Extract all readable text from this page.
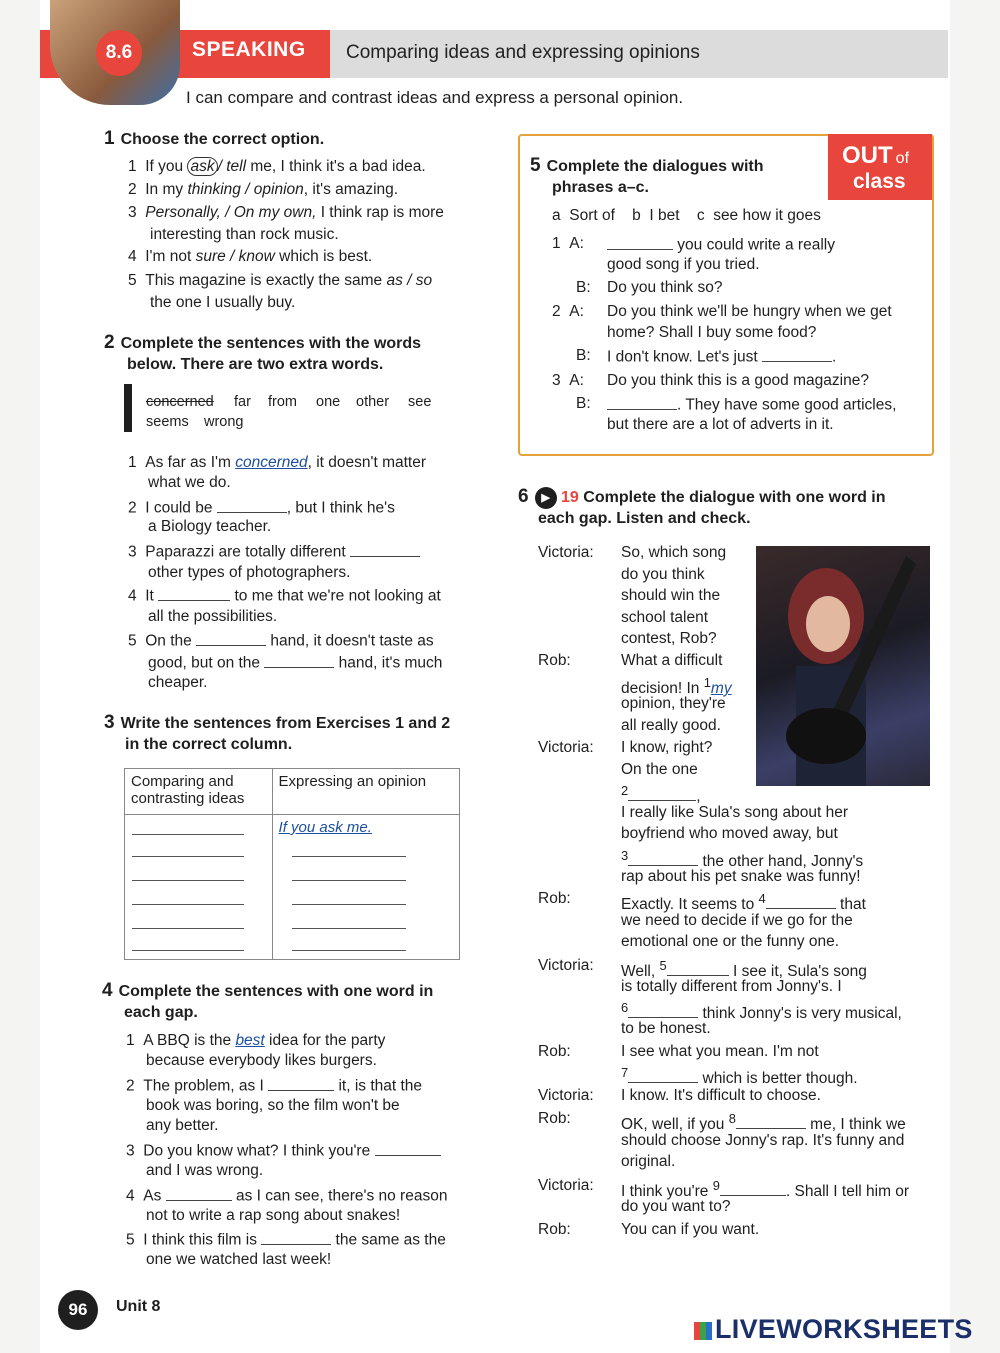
8.6	SPEAKING Comparing ideas and expressing opinions
I can compare and contrast ideas and express a personal opinion.
1 Choose the correct option.
1 If you ask / tell me, I think it's a bad idea.
2 In my thinking / opinion, it's amazing.
3 Personally, / On my own, I think rap is more
interesting than rock music.
4 I'm not sure / know which is best.
5 This magazine is exactly the same as / so
the one I usually buy.
2 Complete the sentences with the words
below. There are two extra words.
concerned far from one other see
seems wrong
1 As far as I'm concerned, it doesn't matter
what we do.
2 I could be	, but I think he's
a Biology teacher.
3 Paparazzi are totally different
other types of photographers.
4 It	to me that we're not looking at
all the possibilities.
5 On the	hand, it doesn't taste as
good, but on the	hand, it's much
cheaper.
3 Write the sentences from Exercises 1 and 2
in the correct column.
Comparing and
contrasting ideas	Expressing an opinion
	If you ask me.
4 Complete the sentences with one word in
each gap.
1 A BBQ is the best idea for the party
because everybody likes burgers.
2 The problem, as I	it, is that the
book was boring, so the film won't be
any better.
3 Do you know what? I think you're
and I was wrong.
4 As	as I can see, there's no reason
not to write a rap song about snakes!
5 I think this film is	the same as the
one we watched last week!
OUT of
class
5 Complete the dialogues with
phrases a–c.
a Sort of b I bet c see how it goes
1 A:	you could write a really
good song if you tried.
B: Do you think so?
2 A: Do you think we'll be hungry when we get
home? Shall I buy some food?
B: I don't know. Let's just	.
3 A: Do you think this is a good magazine?
B:	. They have some good articles,
but there are a lot of adverts in it.
6 ▶ 19 Complete the dialogue with one word in
each gap. Listen and check.
Victoria: So, which song
do you think
should win the
school talent
contest, Rob?
Rob:	What a difficult
decision! In $^1$my
opinion, they're
all really good.
Victoria: I know, right?
On the one
$^2$	,
I really like Sula's song about her
boyfriend who moved away, but
$^3$	the other hand, Jonny's
rap about his pet snake was funny!
Rob:	Exactly. It seems to $^4$	that
we need to decide if we go for the
emotional one or the funny one.
Victoria: Well, $^5$	I see it, Sula's song
is totally different from Jonny's. I
$^6$	think Jonny's is very musical,
to be honest.
Rob:	I see what you mean. I'm not
$^7$	which is better though.
Victoria: I know. It's difficult to choose.
Rob:	OK, well, if you $^8$	me, I think we
should choose Jonny's rap. It's funny and
original.
Victoria: I think you're $^9$	. Shall I tell him or
do you want to?
Rob:	You can if you want.
96	Unit 8
LIVEWORKSHEETS
